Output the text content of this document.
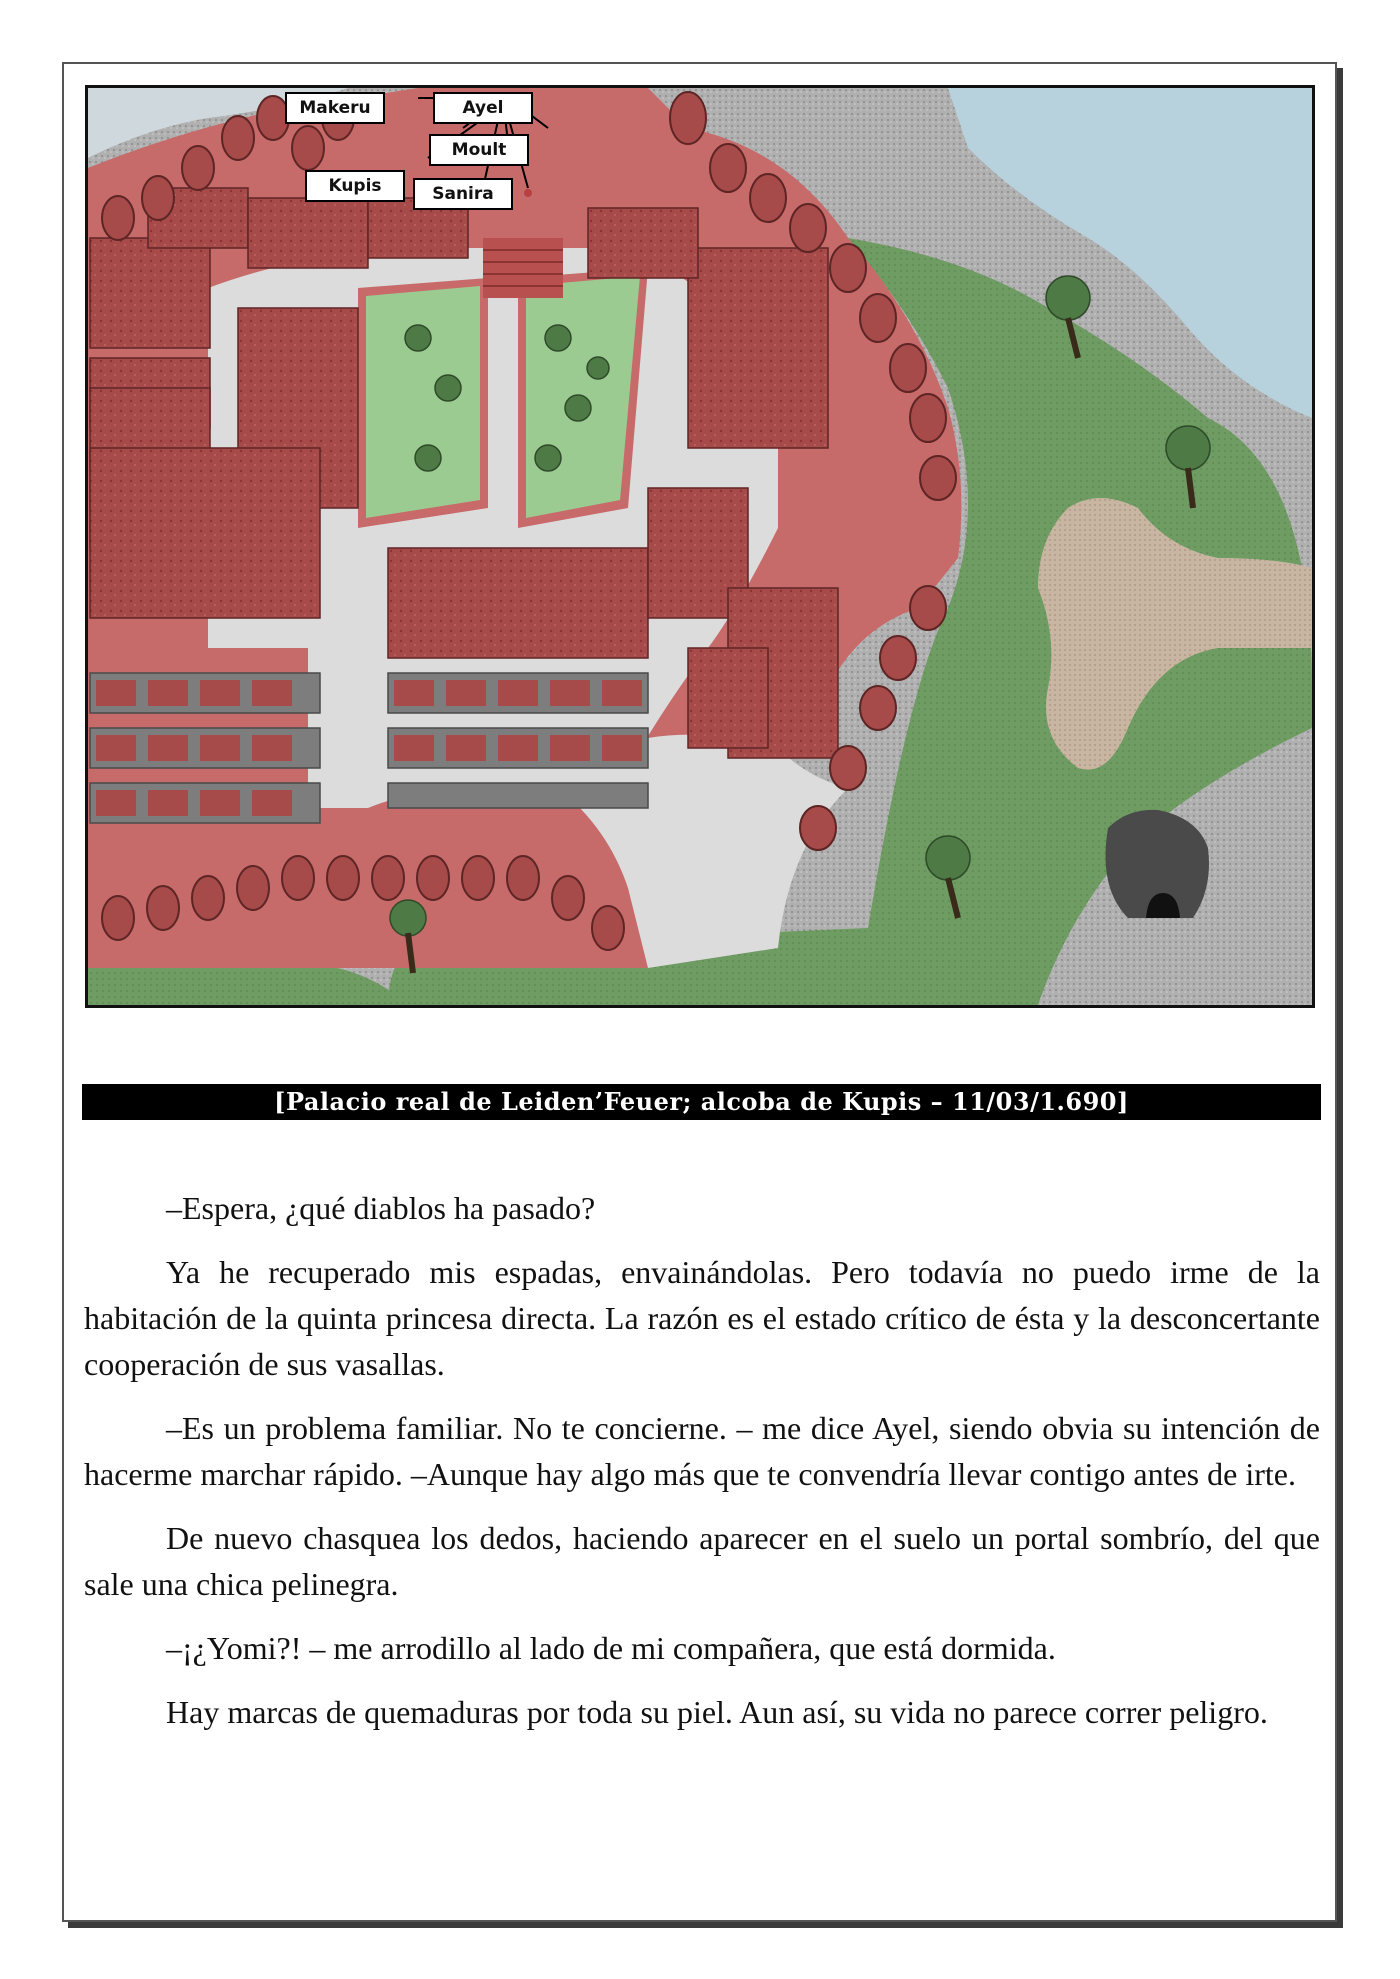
Makeru	Ayel
Moult
Kupis	Sanira
[Palacio real de Leiden’Feuer; alcoba de Kupis – 11/03/1.690]

–Espera, ¿qué diablos ha pasado?

Ya he recuperado mis espadas, envainándolas. Pero todavía no puedo irme de la habitación de la quinta princesa directa. La razón es el estado crítico de ésta y la desconcertante cooperación de sus vasallas.

–Es un problema familiar. No te concierne. – me dice Ayel, siendo obvia su intención de hacerme marchar rápido. –Aunque hay algo más que te convendría llevar contigo antes de irte.

De nuevo chasquea los dedos, haciendo aparecer en el suelo un portal sombrío, del que sale una chica pelinegra.

–¡¿Yomi?! – me arrodillo al lado de mi compañera, que está dormida.

Hay marcas de quemaduras por toda su piel. Aun así, su vida no parece correr peligro.
